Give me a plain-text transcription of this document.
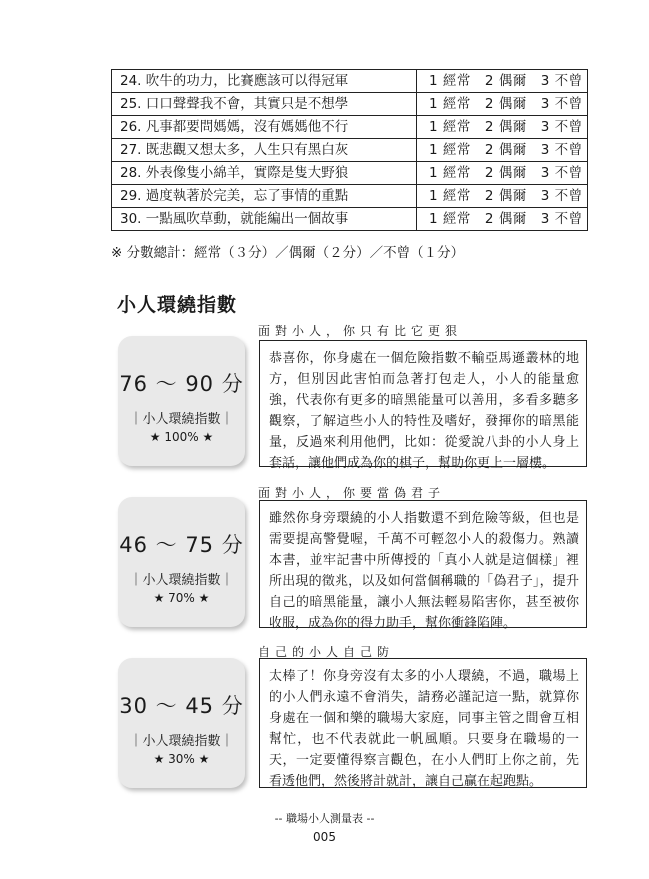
24. 吹牛的功力，比賽應該可以得冠軍	1 經常　2 偶爾　3 不曾
25. 口口聲聲我不會，其實只是不想學	1 經常　2 偶爾　3 不曾
26. 凡事都要問媽媽，沒有媽媽他不行	1 經常　2 偶爾　3 不曾
27. 既悲觀又想太多，人生只有黑白灰	1 經常　2 偶爾　3 不曾
28. 外表像隻小綿羊，實際是隻大野狼	1 經常　2 偶爾　3 不曾
29. 過度執著於完美，忘了事情的重點	1 經常　2 偶爾　3 不曾
30. 一點風吹草動，就能編出一個故事	1 經常　2 偶爾　3 不曾
※ 分數總計：經常（３分）／偶爾（２分）／不曾（１分）
小人環繞指數
面對小人，你只有比它更狠
76 ～ 90 分
｜小人環繞指數｜
★ 100% ★
恭喜你，你身處在一個危險指數不輸亞馬遜叢林的地方，但別因此害怕而急著打包走人，小人的能量愈強，代表你有更多的暗黑能量可以善用，多看多聽多觀察，了解這些小人的特性及嗜好，發揮你的暗黑能量，反過來利用他們，比如：從愛說八卦的小人身上套話，讓他們成為你的棋子，幫助你更上一層樓。
面對小人，你要當偽君子
46 ～ 75 分
｜小人環繞指數｜
★ 70% ★
雖然你身旁環繞的小人指數還不到危險等級，但也是需要提高警覺喔，千萬不可輕忽小人的殺傷力。熟讀本書，並牢記書中所傳授的「真小人就是這個樣」裡所出現的徵兆，以及如何當個稱職的「偽君子」，提升自己的暗黑能量，讓小人無法輕易陷害你，甚至被你收服，成為你的得力助手，幫你衝鋒陷陣。
自己的小人自己防
30 ～ 45 分
｜小人環繞指數｜
★ 30% ★
太棒了！你身旁沒有太多的小人環繞，不過，職場上的小人們永遠不會消失，請務必謹記這一點，就算你身處在一個和樂的職場大家庭，同事主管之間會互相幫忙，也不代表就此一帆風順。只要身在職場的一天，一定要懂得察言觀色，在小人們盯上你之前，先看透他們，然後將計就計，讓自己贏在起跑點。
-- 職場小人測量表 --
005
